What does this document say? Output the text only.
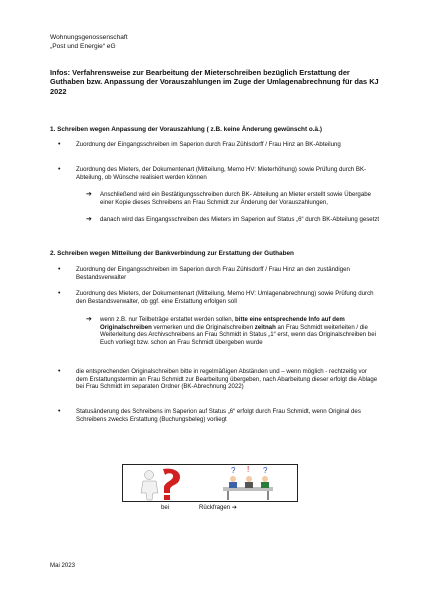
Wohnungsgenossenschaft
„Post und Energie“ eG
Infos: Verfahrensweise zur Bearbeitung der Mieterschreiben bezüglich Erstattung der Guthaben bzw. Anpassung der Vorauszahlungen im Zuge der Umlagenabrechnung für das KJ 2022
1. Schreiben wegen Anpassung der Vorauszahlung ( z.B. keine Änderung gewünscht o.ä.)
•	Zuordnung der Eingangsschreiben im Saperion durch Frau Zühlsdorff / Frau Hinz an BK-Abteilung
•	Zuordnung des Mieters, der Dokumentenart (Mitteilung, Memo HV: Mieterhöhung) sowie Prüfung durch BK-Abteilung, ob Wünsche realisiert werden können
➔ Anschließend wird ein Bestätigungsschreiben durch BK- Abteilung an Mieter erstellt sowie Übergabe einer Kopie dieses Schreibens an Frau Schmidt zur Änderung der Vorauszahlungen,
➔ danach wird das Eingangsschreiben des Mieters im Saperion auf Status „6“ durch BK-Abteilung gesetzt
2. Schreiben wegen Mitteilung der Bankverbindung zur Erstattung der Guthaben
•	Zuordnung der Eingangsschreiben im Saperion durch Frau Zühlsdorff / Frau Hinz an den zuständigen Bestandsverwalter
•	Zuordnung des Mieters, der Dokumentenart (Mitteilung, Memo HV: Umlagenabrechnung) sowie Prüfung durch den Bestandsverwalter, ob ggf. eine Erstattung erfolgen soll
➔ wenn z.B. nur Teilbeträge erstattet werden sollen, bitte eine entsprechende Info auf dem Originalschreiben vermerken und die Originalschreiben zeitnah an Frau Schmidt weiterleiten / die Weiterleitung des Archivschreibens an Frau Schmidt in Status „1“ erst, wenn das Originalschreiben bei Euch vorliegt bzw. schon an Frau Schmidt übergeben wurde
•	die entsprechenden Originalschreiben bitte in regelmäßigen Abständen und – wenn möglich - rechtzeitig vor dem Erstattungstermin an Frau Schmidt zur Bearbeitung übergeben, nach Abarbeitung dieser erfolgt die Ablage bei Frau Schmidt im separaten Ordner (BK-Abrechnung 2022)
•	Statusänderung des Schreibens im Saperion auf Status „6“ erfolgt durch Frau Schmidt, wenn Original des Schreibens zwecks Erstattung (Buchungsbeleg) vorliegt
? ! ?
bei	Rückfragen ➔
Mai 2023
